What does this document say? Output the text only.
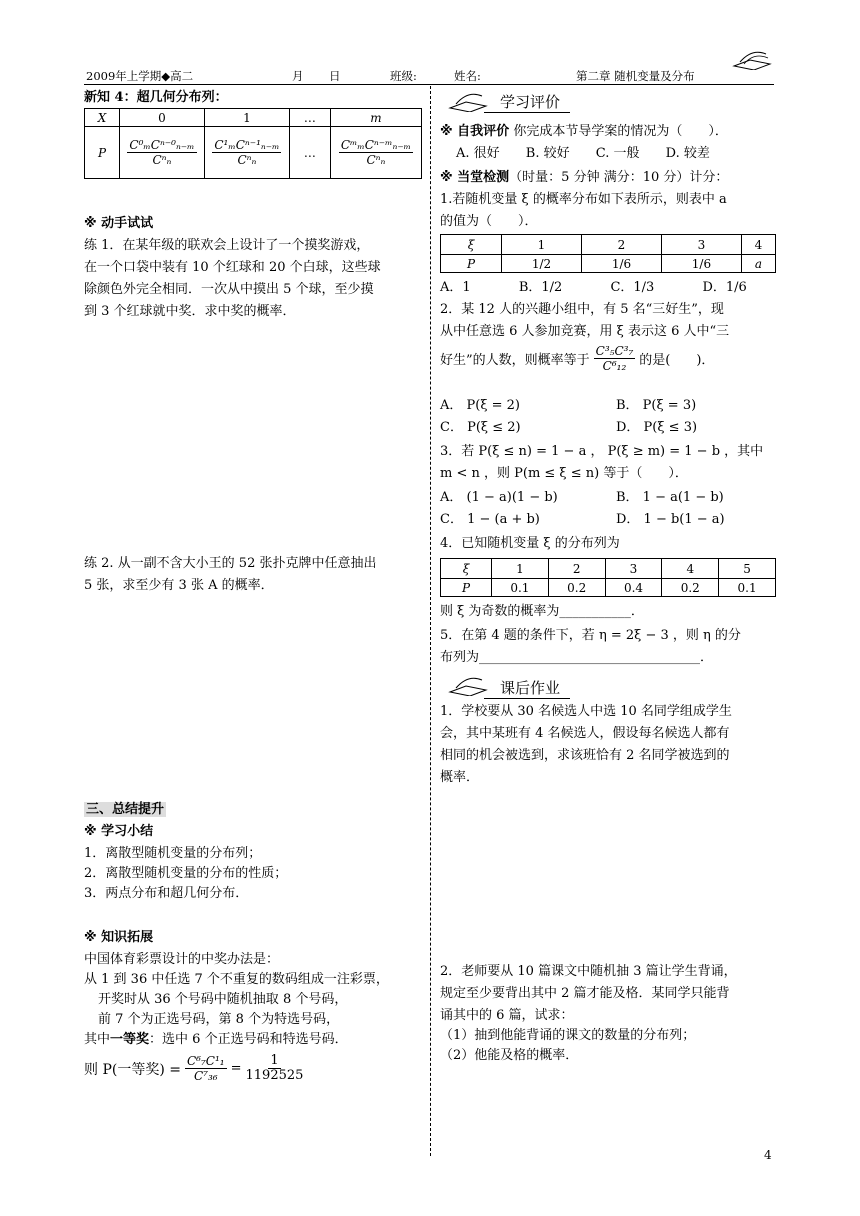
2009年上学期◆高二	月 日	班级:	姓名:	第二章 随机变量及分布
新知 4：超几何分布列：
X	0	1	…	m
P	$\frac{\text{C⁰ₘCⁿ⁻⁰ₙ₋ₘ}}{\text{Cⁿₙ}}$	$\frac{\text{C¹ₘCⁿ⁻¹ₙ₋ₘ}}{\text{Cⁿₙ}}$	…	$\frac{\text{CᵐₘCⁿ⁻ᵐₙ₋ₘ}}{\text{Cⁿₙ}}$
※ 动手试试
练 1．在某年级的联欢会上设计了一个摸奖游戏，
在一个口袋中装有 10 个红球和 20 个白球，这些球
除颜色外完全相同．一次从中摸出 5 个球，至少摸
到 3 个红球就中奖．求中奖的概率．
练 2. 从一副不含大小王的 52 张扑克牌中任意抽出
5 张，求至少有 3 张 A 的概率．
三、总结提升
※ 学习小结
1．离散型随机变量的分布列；
2．离散型随机变量的分布的性质；
3．两点分布和超几何分布．
※ 知识拓展
中国体育彩票设计的中奖办法是：
从 1 到 36 中任选 7 个不重复的数码组成一注彩票，
开奖时从 36 个号码中随机抽取 8 个号码，
前 7 个为正选号码，第 8 个为特选号码，
其中一等奖：选中 6 个正选号码和特选号码．
则 P(一等奖) = $\frac{\text{C⁶₇C¹₁}}{\text{C⁷₃₆}} = \frac{1}{1192525}$
学习评价
※ 自我评价 你完成本节导学案的情况为（　　）．
A. 很好 B. 较好 C. 一般 D. 较差
※ 当堂检测（时量：5 分钟 满分：10 分）计分：
1.若随机变量 ξ 的概率分布如下表所示，则表中 a
的值为（　　）．
ξ	1	2	3	4
P	1/2	1/6	1/6	a
A．1	B．1/2	C．1/3	D．1/6
2．某 12 人的兴趣小组中，有 5 名“三好生”，现
从中任意选 6 人参加竞赛，用 ξ 表示这 6 人中“三
好生”的人数，则概率等于 $\frac{\text{C³₅C³₇}}{\text{C⁶₁₂}}$ 的是(　　)．
A． P(ξ = 2)	B． P(ξ = 3)
C． P(ξ ≤ 2)	D． P(ξ ≤ 3)
3．若 P(ξ ≤ n) = 1 − a ， P(ξ ≥ m) = 1 − b ，其中
m < n ，则 P(m ≤ ξ ≤ n) 等于（　　）．
A． (1 − a)(1 − b)	B． 1 − a(1 − b)
C． 1 − (a + b)	D． 1 − b(1 − a)
4．已知随机变量 ξ 的分布列为
ξ	1	2	3	4	5
P	0.1	0.2	0.4	0.2	0.1
则 ξ 为奇数的概率为___________．
5．在第 4 题的条件下，若 η = 2ξ − 3 ，则 η 的分
布列为__________________________________．
课后作业
1．学校要从 30 名候选人中选 10 名同学组成学生
会，其中某班有 4 名候选人，假设每名候选人都有
相同的机会被选到，求该班恰有 2 名同学被选到的
概率．
2．老师要从 10 篇课文中随机抽 3 篇让学生背诵，
规定至少要背出其中 2 篇才能及格．某同学只能背
诵其中的 6 篇，试求：
（1）抽到他能背诵的课文的数量的分布列；
（2）他能及格的概率．
4
